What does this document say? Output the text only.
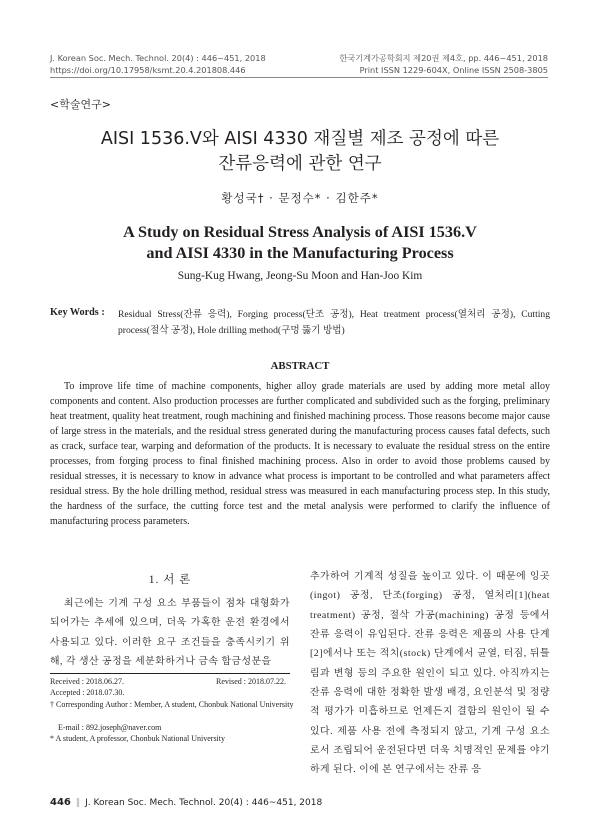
J. Korean Soc. Mech. Technol. 20(4) : 446~451, 2018
https://doi.org/10.17958/ksmt.20.4.201808.446
한국기계가공학회지 제20권 제4호, pp. 446~451, 2018
Print ISSN 1229-604X, Online ISSN 2508-3805
<학술연구>
AISI 1536.V와 AISI 4330 재질별 제조 공정에 따른
잔류응력에 관한 연구
황성국† · 문정수* · 김한주*
A Study on Residual Stress Analysis of AISI 1536.V
and AISI 4330 in the Manufacturing Process
Sung-Kug Hwang, Jeong-Su Moon and Han-Joo Kim
Key Words : Residual Stress(잔류 응력), Forging process(단조 공정), Heat treatment process(열처리 공정), Cutting process(절삭 공정), Hole drilling method(구멍 뚫기 방법)
ABSTRACT
To improve life time of machine components, higher alloy grade materials are used by adding more metal alloy components and content. Also production processes are further complicated and subdivided such as the forging, preliminary heat treatment, quality heat treatment, rough machining and finished machining process. Those reasons become major cause of large stress in the materials, and the residual stress generated during the manufacturing process causes fatal defects, such as crack, surface tear, warping and deformation of the products. It is necessary to evaluate the residual stress on the entire processes, from forging process to final finished machining process. Also in order to avoid those problems caused by residual stresses, it is necessary to know in advance what process is important to be controlled and what parameters affect residual stress. By the hole drilling method, residual stress was measured in each manufacturing process step. In this study, the hardness of the surface, the cutting force test and the metal analysis were performed to clarify the influence of manufacturing process parameters.
1. 서 론
최근에는 기계 구성 요소 부품들이 점차 대형화가 되어가는 추세에 있으며, 더욱 가혹한 운전 환경에서 사용되고 있다. 이러한 요구 조건들을 충족시키기 위해, 각 생산 공정을 세분화하거나 금속 합금성분을
추가하여 기계적 성질을 높이고 있다. 이 때문에 잉곳(ingot) 공정, 단조(forging) 공정, 열처리[1](heat treatment) 공정, 절삭 가공(machining) 공정 등에서 잔류 응력이 유입된다. 잔류 응력은 제품의 사용 단계[2]에서나 또는 적치(stock) 단계에서 균열, 터짐, 뒤틀림과 변형 등의 주요한 원인이 되고 있다. 아직까지는 잔류 응력에 대한 정확한 발생 배경, 요인분석 및 정량적 평가가 미흡하므로 언제든지 결함의 원인이 될 수 있다. 제품 사용 전에 측정되지 않고, 기계 구성 요소로서 조립되어 운전된다면 더욱 치명적인 문제를 야기하게 된다. 이에 본 연구에서는 잔류 응
Received : 2018.06.27.	Revised : 2018.07.22.
Accepted : 2018.07.30.
† Corresponding Author : Member, A student, Chonbuk National University
E-mail : 892.joseph@naver.com
* A student, A professor, Chonbuk National University
446 ‖ J. Korean Soc. Mech. Technol. 20(4) : 446~451, 2018
